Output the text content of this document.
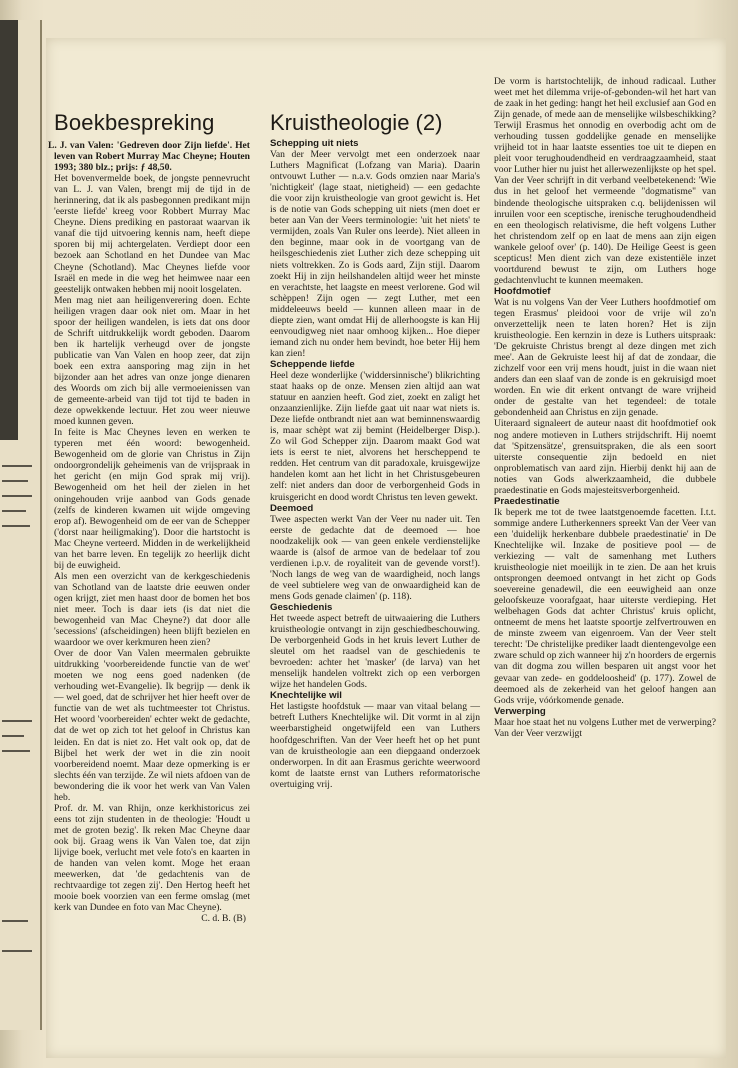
Boekbespreking	Kruistheologie (2)

L. J. van Valen: 'Gedreven door Zijn liefde'. Het leven van Robert Murray Mac Cheyne; Houten 1993; 380 blz.; prijs: ƒ 48,50.

Het bovenvermelde boek, de jongste pennevrucht van L. J. van Valen, brengt mij de tijd in de herinnering, dat ik als pasbegonnen predikant mijn 'eerste liefde' kreeg voor Robbert Murray Mac Cheyne. Diens prediking en pastoraat waarvan ik vanaf die tijd uitvoering kennis nam, heeft diepe sporen bij mij achtergelaten. Verdiept door een bezoek aan Schotland en het Dundee van Mac Cheyne (Schotland). Mac Cheynes liefde voor Israël en mede in die weg het heimwee naar een geestelijk ontwaken hebben mij nooit losgelaten.

Men mag niet aan heiligenverering doen. Echte heiligen vragen daar ook niet om. Maar in het spoor der heiligen wandelen, is iets dat ons door de Schrift uitdrukkelijk wordt geboden. Daarom ben ik hartelijk verheugd over de jongste publicatie van Van Valen en hoop zeer, dat zijn boek een extra aansporing mag zijn in het bijzonder aan het adres van onze jonge dienaren des Woords om zich bij alle vermoeienissen van de gemeente-arbeid van tijd tot tijd te baden in deze opwekkende lectuur. Het zou weer nieuwe moed kunnen geven.

In feite is Mac Cheynes leven en werken te typeren met één woord: bewogenheid. Bewogenheid om de glorie van Christus in Zijn ondoorgrondelijk geheimenis van de vrijspraak in het gericht (en mijn God sprak mij vrij). Bewogenheid om het heil der zielen in het oningehouden vrije aanbod van Gods genade (zelfs de kinderen kwamen uit wijde omgeving erop af). Bewogenheid om de eer van de Schepper ('dorst naar heiligmaking'). Door die hartstocht is Mac Cheyne verteerd. Midden in de werkelijkheid van het barre leven. En tegelijk zo heerlijk dicht bij de euwigheid.

Als men een overzicht van de kerkgeschiedenis van Schotland van de laatste drie eeuwen onder ogen krijgt, ziet men haast door de bomen het bos niet meer. Toch is daar iets (is dat niet die bewogenheid van Mac Cheyne?) dat door alle 'secessions' (afscheidingen) heen blijft bezielen en waardoor we over kerkmuren heen zien?

Over de door Van Valen meermalen gebruikte uitdrukking 'voorbereidende functie van de wet' moeten we nog eens goed nadenken (de verhouding wet-Evangelie). Ik begrijp — denk ik — wel goed, dat de schrijver het hier heeft over de functie van de wet als tuchtmeester tot Christus. Het woord 'voorbereiden' echter wekt de gedachte, dat de wet op zich tot het geloof in Christus kan leiden. En dat is niet zo. Het valt ook op, dat de Bijbel het werk der wet in die zin nooit voorbereidend noemt. Maar deze opmerking is er slechts één van terzijde. Ze wil niets afdoen van de bewondering die ik voor het werk van Van Valen heb.

Prof. dr. M. van Rhijn, onze kerkhistoricus zei eens tot zijn studenten in de theologie: 'Houdt u met de groten bezig'. Ik reken Mac Cheyne daar ook bij. Graag wens ik Van Valen toe, dat zijn lijvige boek, verlucht met vele foto's en kaarten in de handen van velen komt. Moge het eraan meewerken, dat 'de gedachtenis van de rechtvaardige tot zegen zij'. Den Hertog heeft het mooie boek voorzien van een ferme omslag (met kerk van Dundee en foto van Mac Cheyne).

C. d. B. (B)

Schepping uit niets

Van der Meer vervolgt met een onderzoek naar Luthers Magnificat (Lofzang van Maria). Daarin ontvouwt Luther — n.a.v. Gods omzien naar Maria's 'nichtigkeit' (lage staat, nietigheid) — een gedachte die voor zijn kruistheologie van groot gewicht is. Het is de notie van Gods schepping uit niets (men doet er beter aan Van der Veers terminologie: 'uit het niets' te vermijden, zoals Van Ruler ons leerde). Niet alleen in den beginne, maar ook in de voortgang van de heilsgeschiedenis ziet Luther zich deze schepping uit niets voltrekken. Zo is Gods aard, Zijn stijl. Daarom zoekt Hij in zijn heilshandelen altijd weer het minste en verachtste, het laagste en meest verlorene. God wil schèppen! Zijn ogen — zegt Luther, met een middeleeuws beeld — kunnen alleen maar in de diepte zien, want omdat Hij de allerhoogste is kan Hij eenvoudigweg niet naar omhoog kijken... Hoe dieper iemand zich nu onder hem bevindt, hoe beter Hij hem kan zien!

Scheppende liefde

Heel deze wonderlijke ('widdersinnische') blikrichting staat haaks op de onze. Mensen zien altijd aan wat statuur en aanzien heeft. God ziet, zoekt en zaligt het onzaanzienlijke. Zijn liefde gaat uit naar wat niets is. Deze liefde ontbrandt niet aan wat beminnenswaardig is, maar schèpt wat zij bemint (Heidelberger Disp.). Zo wil God Schepper zijn. Daarom maakt God wat iets is eerst te niet, alvorens het herscheppend te redden. Het centrum van dit paradoxale, kruisgewijze handelen komt aan het licht in het Christusgebeuren zelf: niet anders dan door de verborgenheid Gods in kruisgericht en dood wordt Christus ten leven gewekt.

Deemoed

Twee aspecten werkt Van der Veer nu nader uit. Ten eerste de gedachte dat de deemoed — hoe noodzakelijk ook — van geen enkele verdienstelijke waarde is (alsof de armoe van de bedelaar tof zou verdienen i.p.v. de royaliteit van de gevende vorst!). 'Noch langs de weg van de waardigheid, noch langs de veel subtielere weg van de onwaardigheid kan de mens Gods genade claimen' (p. 118).

Geschiedenis

Het tweede aspect betreft de uitwaaiering die Luthers kruistheologie ontvangt in zijn geschiedbeschouwing. De verborgenheid Gods in het kruis levert Luther de sleutel om het raadsel van de geschiedenis te bevroeden: achter het 'masker' (de larva) van het menselijk handelen voltrekt zich op een verborgen wijze het handelen Gods.

Knechtelijke wil

Het lastigste hoofdstuk — maar van vitaal belang — betreft Luthers Knechtelijke wil. Dit vormt in al zijn weerbarstigheid ongetwijfeld een van Luthers hoofdgeschriften. Van der Veer heeft het op het punt van de kruistheologie aan een diepgaand onderzoek onderworpen. In dit aan Erasmus gerichte weerwoord komt de laatste ernst van Luthers reformatorische overtuiging vrij.

De vorm is hartstochtelijk, de inhoud radicaal. Luther weet met het dilemma vrije-of-gebonden-wil het hart van de zaak in het geding: hangt het heil exclusief aan God en Zijn genade, of mede aan de menselijke wilsbeschikking? Terwijl Erasmus het onnodig en overbodig acht om de verhouding tussen goddelijke genade en menselijke vrijheid tot in haar laatste essenties toe uit te diepen en pleit voor terughoudendheid en verdraagzaamheid, staat voor Luther hier nu juist het allerwezenlijkste op het spel. Van der Veer schrijft in dit verband veelbetekenend: 'Wie dus in het geloof het vermeende "dogmatisme" van bindende theologische uitspraken c.q. belijdenissen wil inruilen voor een sceptische, irenische terughoudendheid en een theologisch relativisme, die heft volgens Luther het christendom zelf op en laat de mens aan zijn eigen wankele geloof over' (p. 140). De Heilige Geest is geen scepticus! Men dient zich van deze existentiële inzet voortdurend bewust te zijn, om Luthers hoge gedachtenvlucht te kunnen meemaken.

Hoofdmotief

Wat is nu volgens Van der Veer Luthers hoofdmotief om tegen Erasmus' pleidooi voor de vrije wil zo'n onverzettelijk neen te laten horen? Het is zijn kruistheologie. Een kernzin in deze is Luthers uitspraak: 'De gekruiste Christus brengt al deze dingen met zich mee'. Aan de Gekruiste leest hij af dat de zondaar, die zichzelf voor een vrij mens houdt, juist in die waan niet anders dan een slaaf van de zonde is en gekruisigd moet worden. En wie dit erkent ontvangt de ware vrijheid onder de gestalte van het tegendeel: de totale gebondenheid aan Christus en zijn genade.

Uiteraard signaleert de auteur naast dit hoofdmotief ook nog andere motieven in Luthers strijdschrift. Hij noemt dat 'Spitzensätze', grensuitspraken, die als een soort uiterste consequentie zijn bedoeld en niet onproblematisch van aard zijn. Hierbij denkt hij aan de noties van Gods alwerkzaamheid, die dubbele praedestinatie en Gods majesteitsverborgenheid.

Praedestinatie

Ik beperk me tot de twee laatstgenoemde facetten. I.t.t. sommige andere Lutherkenners spreekt Van der Veer van een 'duidelijk herkenbare dubbele praedestinatie' in De Knechtelijke wil. Inzake de positieve pool — de verkiezing — valt de samenhang met Luthers kruistheologie niet moeilijk in te zien. De aan het kruis ontsprongen deemoed ontvangt in het zicht op Gods soevereine genadewil, die een eeuwigheid aan onze geloofskeuze voorafgaat, haar uiterste verdieping. Het welbehagen Gods dat achter Christus' kruis oplicht, ontneemt de mens het laatste spoortje zelfvertrouwen en de minste zweem van eigenroem. Van der Veer stelt terecht: 'De christelijke prediker laadt dientengevolge een zware schuld op zich wanneer hij z'n hoorders de ergernis van dit dogma zou willen besparen uit angst voor het gevaar van zede- en goddeloosheid' (p. 177). Zowel de deemoed als de zekerheid van het geloof hangen aan Gods vrije, vóórkomende genade.

Verwerping

Maar hoe staat het nu volgens Luther met de verwerping? Van der Veer verzwijgt
